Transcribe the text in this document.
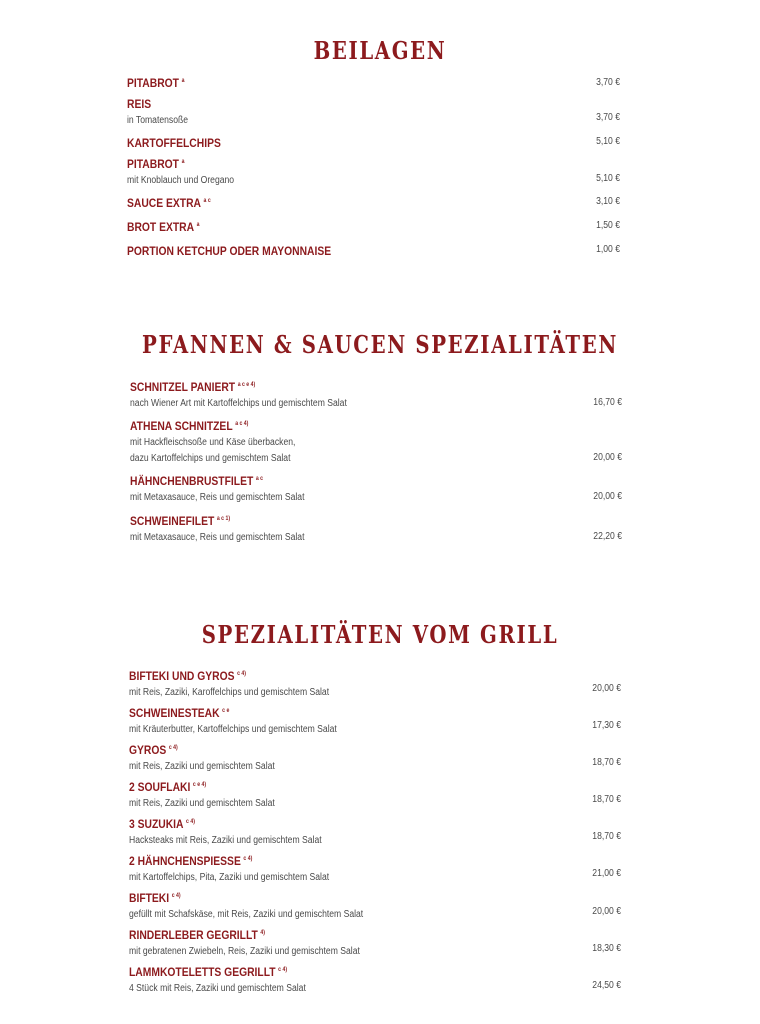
BEILAGEN
PFANNEN & SAUCEN SPEZIALITÄTEN
SPEZIALITÄTEN VOM GRILL
PITABROT $^a$	3,70 €
REIS
in Tomatensoße	3,70 €
KARTOFFELCHIPS	5,10 €
PITABROT $^a$
mit Knoblauch und Oregano	5,10 €
SAUCE EXTRA $^{a c}$	3,10 €
BROT EXTRA $^a$	1,50 €
PORTION KETCHUP ODER MAYONNAISE	1,00 €
SCHNITZEL PANIERT $^{a c e 4)}$
nach Wiener Art mit Kartoffelchips und gemischtem Salat	16,70 €
ATHENA SCHNITZEL $^{a c 4)}$
mit Hackfleischsoße und Käse überbacken,
dazu Kartoffelchips und gemischtem Salat	20,00 €
HÄHNCHENBRUSTFILET $^{a c}$
mit Metaxasauce, Reis und gemischtem Salat	20,00 €
SCHWEINEFILET $^{a c 1)}$
mit Metaxasauce, Reis und gemischtem Salat	22,20 €
BIFTEKI UND GYROS $^{c 4)}$
mit Reis, Zaziki, Karoffelchips und gemischtem Salat	20,00 €
SCHWEINESTEAK $^{c e}$
mit Kräuterbutter, Kartoffelchips und gemischtem Salat	17,30 €
GYROS $^{c 4)}$
mit Reis, Zaziki und gemischtem Salat	18,70 €
2 SOUFLAKI $^{c e 4)}$
mit Reis, Zaziki und gemischtem Salat	18,70 €
3 SUZUKIA $^{c 4)}$
Hacksteaks mit Reis, Zaziki und gemischtem Salat	18,70 €
2 HÄHNCHENSPIESSE $^{c 4)}$
mit Kartoffelchips, Pita, Zaziki und gemischtem Salat	21,00 €
BIFTEKI $^{c 4)}$
gefüllt mit Schafskäse, mit Reis, Zaziki und gemischtem Salat	20,00 €
RINDERLEBER GEGRILLT $^{4)}$
mit gebratenen Zwiebeln, Reis, Zaziki und gemischtem Salat	18,30 €
LAMMKOTELETTS GEGRILLT $^{c 4)}$
4 Stück mit Reis, Zaziki und gemischtem Salat	24,50 €
